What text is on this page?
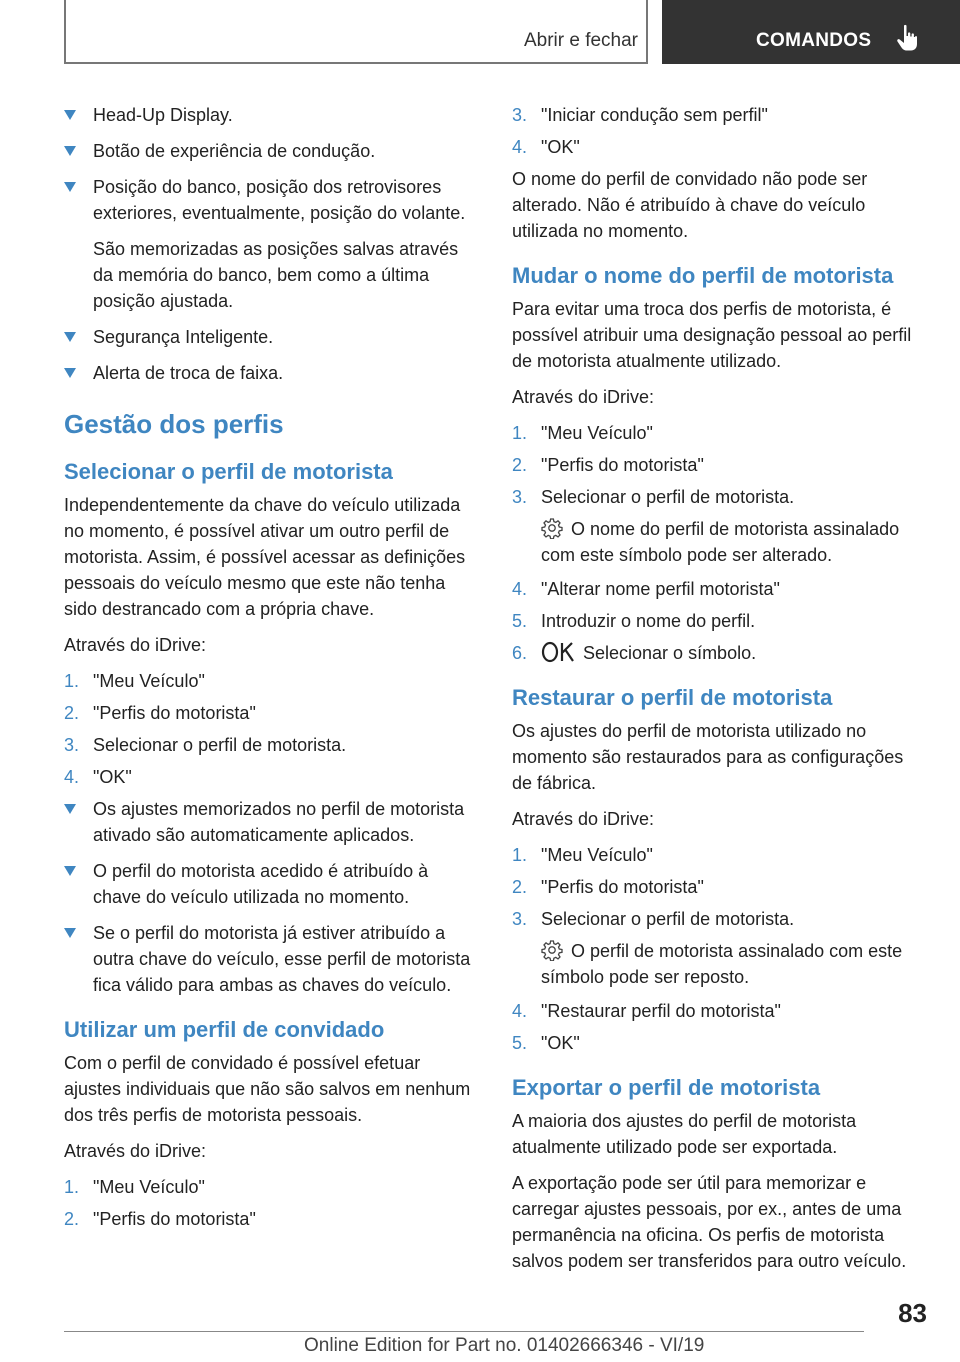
Abrir e fechar	COMANDOS
Head-Up Display.
Botão de experiência de condução.
Posição do banco, posição dos retrovisores exteriores, eventualmente, posição do volante.
São memorizadas as posições salvas através da memória do banco, bem como a última posição ajustada.
Segurança Inteligente.
Alerta de troca de faixa.
Gestão dos perfis
Selecionar o perfil de motorista

Independentemente da chave do veículo utilizada no momento, é possível ativar um outro perfil de motorista. Assim, é possível acessar as definições pessoais do veículo mesmo que este não tenha sido destrancado com a própria chave.

Através do iDrive:

1. "Meu Veículo"
2. "Perfis do motorista"
3. Selecionar o perfil de motorista.
4. "OK"
Os ajustes memorizados no perfil de motorista ativado são automaticamente aplicados.
O perfil do motorista acedido é atribuído à chave do veículo utilizada no momento.
Se o perfil do motorista já estiver atribuído a outra chave do veículo, esse perfil de motorista fica válido para ambas as chaves do veículo.
Utilizar um perfil de convidado

Com o perfil de convidado é possível efetuar ajustes individuais que não são salvos em nenhum dos três perfis de motorista pessoais.

Através do iDrive:

1. "Meu Veículo"
2. "Perfis do motorista"
3. "Iniciar condução sem perfil"
4. "OK"

O nome do perfil de convidado não pode ser alterado. Não é atribuído à chave do veículo utilizada no momento.

Mudar o nome do perfil de motorista

Para evitar uma troca dos perfis de motorista, é possível atribuir uma designação pessoal ao perfil de motorista atualmente utilizado.

Através do iDrive:

1. "Meu Veículo"
2. "Perfis do motorista"
3. Selecionar o perfil de motorista.
O nome do perfil de motorista assinalado com este símbolo pode ser alterado.
4. "Alterar nome perfil motorista"
5. Introduzir o nome do perfil.
6.	Selecionar o símbolo.
Restaurar o perfil de motorista

Os ajustes do perfil de motorista utilizado no momento são restaurados para as configurações de fábrica.

Através do iDrive:

1. "Meu Veículo"
2. "Perfis do motorista"
3. Selecionar o perfil de motorista.
O perfil de motorista assinalado com este símbolo pode ser reposto.
4. "Restaurar perfil do motorista"
5. "OK"
Exportar o perfil de motorista

A maioria dos ajustes do perfil de motorista atualmente utilizado pode ser exportada.

A exportação pode ser útil para memorizar e carregar ajustes pessoais, por ex., antes de uma permanência na oficina. Os perfis de motorista salvos podem ser transferidos para outro veículo.

83
Online Edition for Part no. 01402666346 - VI/19
